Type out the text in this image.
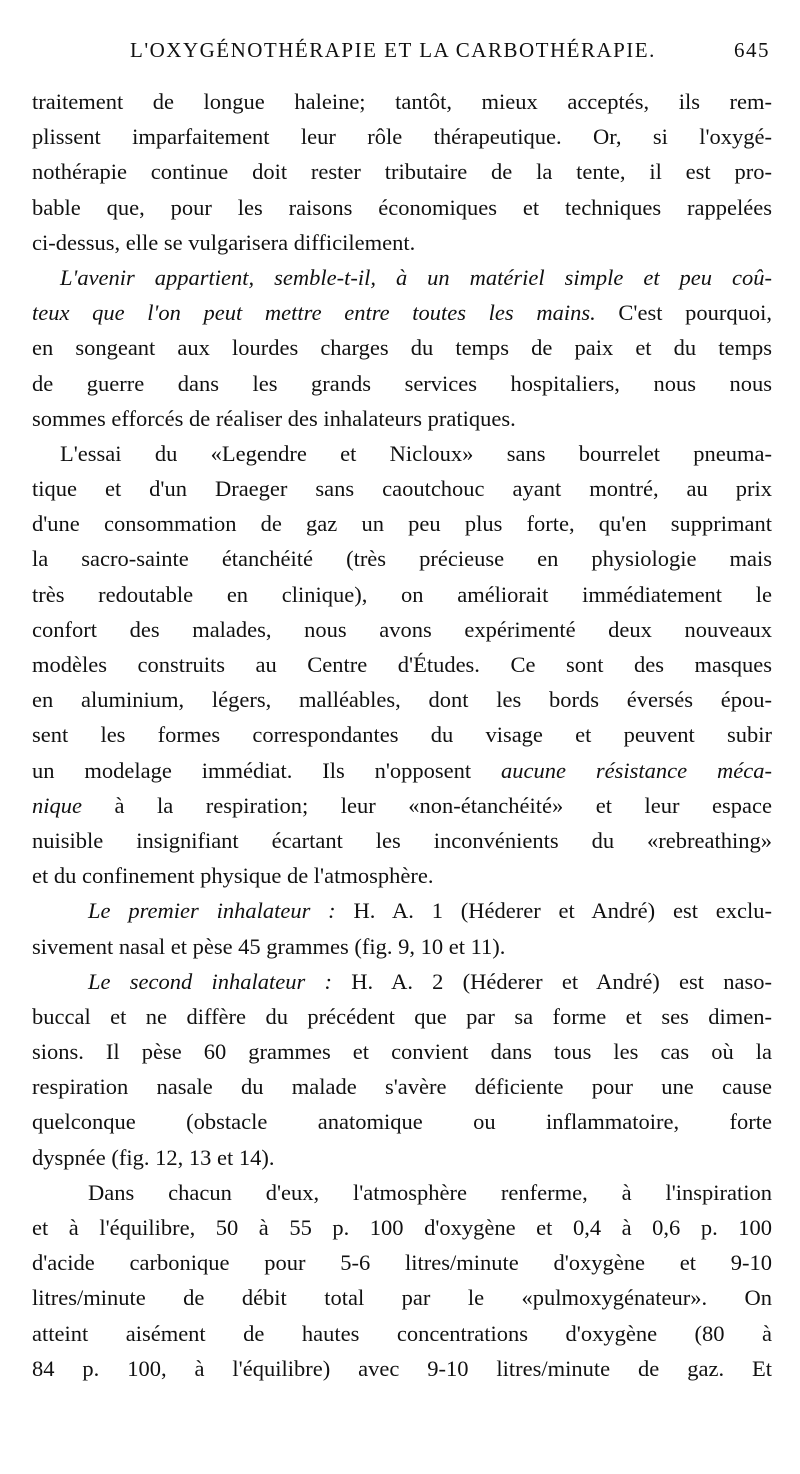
L'OXYGÉNOTHÉRAPIE ET LA CARBOTHÉRAPIE.	645
traitement de longue haleine; tantôt, mieux acceptés, ils rem-
plissent imparfaitement leur rôle thérapeutique. Or, si l'oxygé-
nothérapie continue doit rester tributaire de la tente, il est pro-
bable que, pour les raisons économiques et techniques rappelées
ci-dessus, elle se vulgarisera difficilement.
L'avenir appartient, semble-t-il, à un matériel simple et peu coû-
teux que l'on peut mettre entre toutes les mains. C'est pourquoi,
en songeant aux lourdes charges du temps de paix et du temps
de guerre dans les grands services hospitaliers, nous nous
sommes efforcés de réaliser des inhalateurs pratiques.
L'essai du «Legendre et Nicloux» sans bourrelet pneuma-
tique et d'un Draeger sans caoutchouc ayant montré, au prix
d'une consommation de gaz un peu plus forte, qu'en supprimant
la sacro-sainte étanchéité (très précieuse en physiologie mais
très redoutable en clinique), on améliorait immédiatement le
confort des malades, nous avons expérimenté deux nouveaux
modèles construits au Centre d'Études. Ce sont des masques
en aluminium, légers, malléables, dont les bords éversés épou-
sent les formes correspondantes du visage et peuvent subir
un modelage immédiat. Ils n'opposent aucune résistance méca-
nique à la respiration; leur «non-étanchéité» et leur espace
nuisible insignifiant écartant les inconvénients du «rebreathing»
et du confinement physique de l'atmosphère.
Le premier inhalateur : H. A. 1 (Héderer et André) est exclu-
sivement nasal et pèse 45 grammes (fig. 9, 10 et 11).
Le second inhalateur : H. A. 2 (Héderer et André) est naso-
buccal et ne diffère du précédent que par sa forme et ses dimen-
sions. Il pèse 60 grammes et convient dans tous les cas où la
respiration nasale du malade s'avère déficiente pour une cause
quelconque (obstacle anatomique ou inflammatoire, forte
dyspnée (fig. 12, 13 et 14).
Dans chacun d'eux, l'atmosphère renferme, à l'inspiration
et à l'équilibre, 50 à 55 p. 100 d'oxygène et 0,4 à 0,6 p. 100
d'acide carbonique pour 5-6 litres/minute d'oxygène et 9-10
litres/minute de débit total par le «pulmoxygénateur». On
atteint aisément de hautes concentrations d'oxygène (80 à
84 p. 100, à l'équilibre) avec 9-10 litres/minute de gaz. Et
